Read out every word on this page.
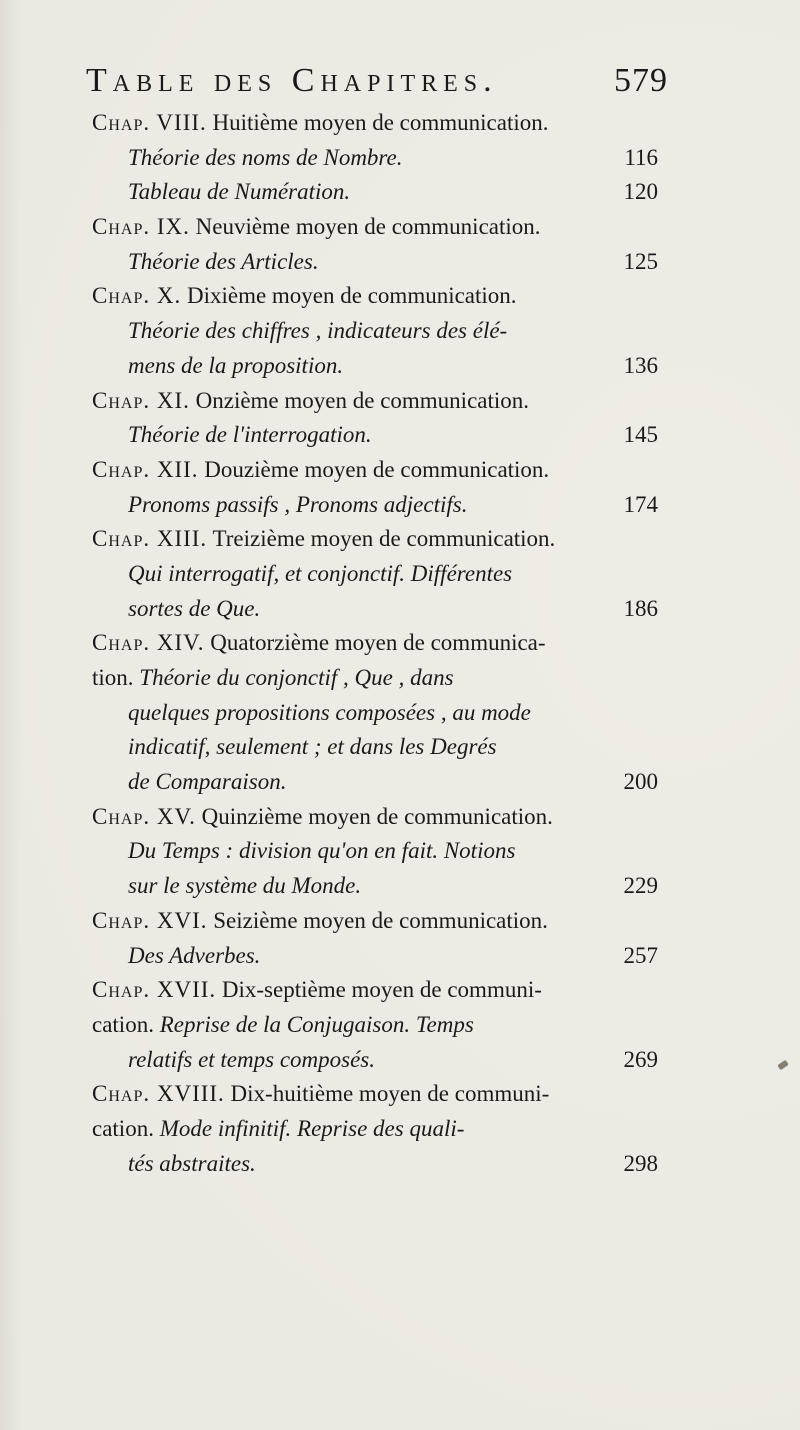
Table des Chapitres.	579
Chap. VIII. Huitième moyen de communication.
Théorie des noms de Nombre.	116
Tableau de Numération.	120
Chap. IX. Neuvième moyen de communication.
Théorie des Articles.	125
Chap. X. Dixième moyen de communication.
Théorie des chiffres , indicateurs des élé-
mens de la proposition.	136
Chap. XI. Onzième moyen de communication.
Théorie de l'interrogation.	145
Chap. XII. Douzième moyen de communication.
Pronoms passifs , Pronoms adjectifs.	174
Chap. XIII. Treizième moyen de communication.
Qui interrogatif, et conjonctif. Différentes
sortes de Que.	186
Chap. XIV. Quatorzième moyen de communica-
tion. Théorie du conjonctif , Que , dans
quelques propositions composées , au mode
indicatif, seulement ; et dans les Degrés
de Comparaison.	200
Chap. XV. Quinzième moyen de communication.
Du Temps : division qu'on en fait. Notions
sur le système du Monde.	229
Chap. XVI. Seizième moyen de communication.
Des Adverbes.	257
Chap. XVII. Dix-septième moyen de communi-
cation. Reprise de la Conjugaison. Temps
relatifs et temps composés.	269
Chap. XVIII. Dix-huitième moyen de communi-
cation. Mode infinitif. Reprise des quali-
tés abstraites.	298
